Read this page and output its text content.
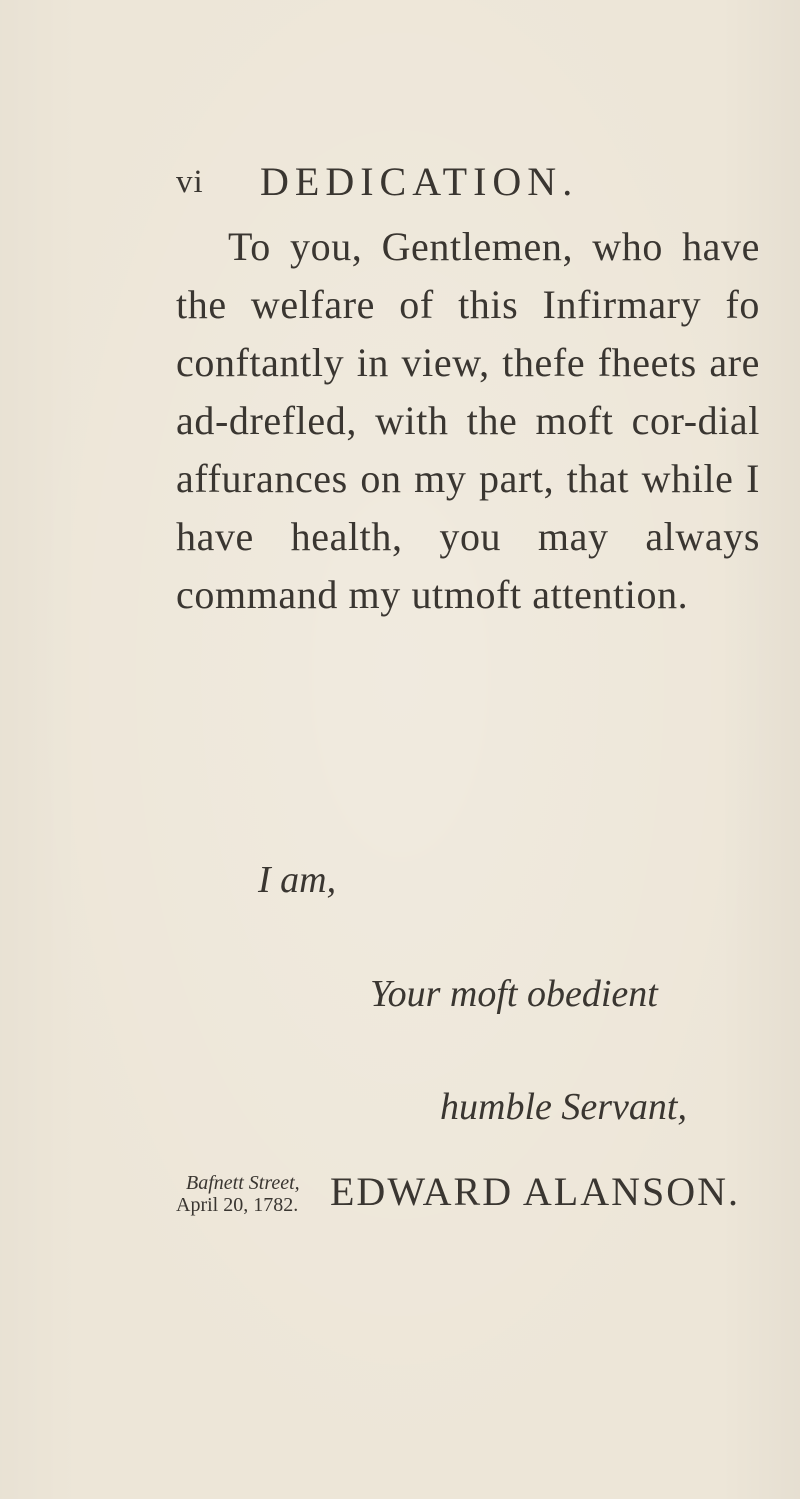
vi DEDICATION.

To you, Gentlemen, who have the welfare of this Infirmary fo conftantly in view, thefe fheets are ad-drefled, with the moft cor-dial affurances on my part, that while I have health, you may always command my utmoft attention.

I am,
Your moft obedient
humble Servant,
Bafnett Street,
April 20, 1782. EDWARD ALANSON.
